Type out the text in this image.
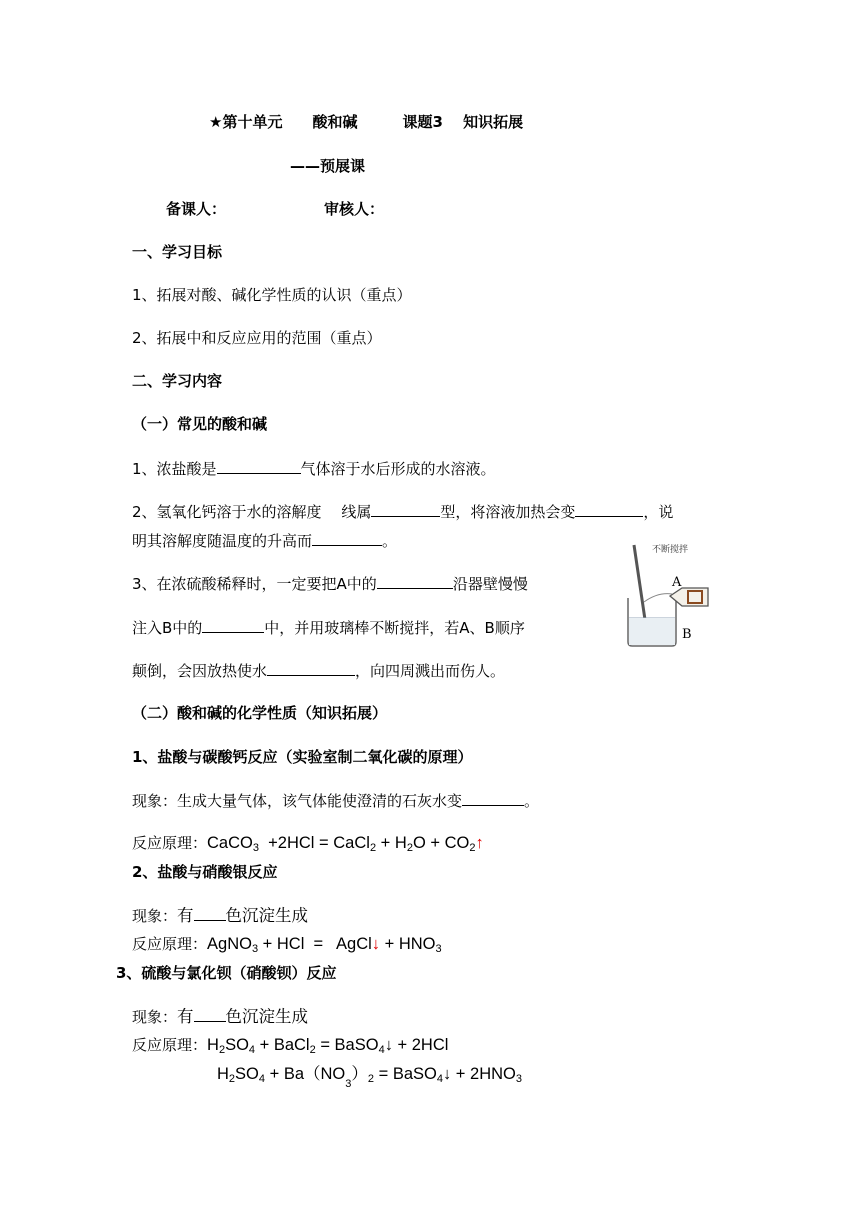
★第十单元　　酸和碱　　　课题3　 知识拓展
——预展课
备课人：	审核人：
一、学习目标
1、拓展对酸、碱化学性质的认识（重点）
2、拓展中和反应应用的范围（重点）
二、学习内容
（一）常见的酸和碱
1、浓盐酸是	气体溶于水后形成的水溶液。
2、氢氧化钙溶于水的溶解度　 线属	型，将溶液加热会变	，说
明其溶解度随温度的升高而	。
3、在浓硫酸稀释时，一定要把A中的	沿器壁慢慢
注入B中的	中，并用玻璃棒不断搅拌，若A、B顺序
颠倒，会因放热使水	，向四周溅出而伤人。
不断搅拌
A
B
（二）酸和碱的化学性质（知识拓展）
1、盐酸与碳酸钙反应（实验室制二氧化碳的原理）
现象：生成大量气体，该气体能使澄清的石灰水变	。
反应原理：CaCO$_3$  +2HCl = CaCl$_2$ + $H_2O$ + $CO_2↑$
2、盐酸与硝酸银反应
现象：有 色沉淀生成
反应原理：AgNO$_3$ + HCl  =   AgCl↓ + $HNO_3$
3、硫酸与氯化钡（硝酸钡）反应
现象：有 色沉淀生成
反应原理：$H_2SO_4$ + BaCl$_2$ = BaSO$_4$↓ + 2HCl
$H_2SO_4 + Ba(NO_3)_2$ = BaSO$_4$↓ + $2HNO_3$
